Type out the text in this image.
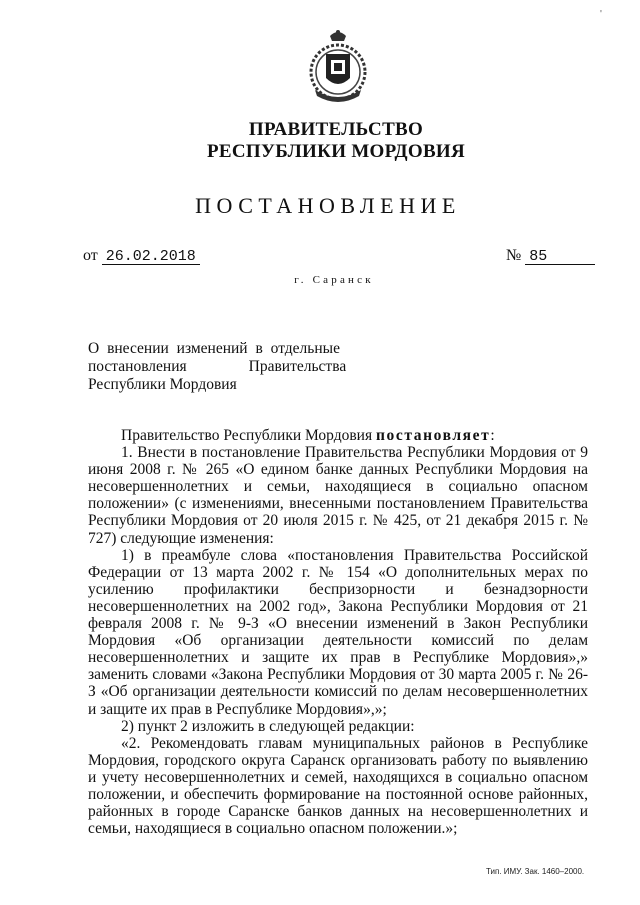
ПРАВИТЕЛЬСТВО
РЕСПУБЛИКИ МОРДОВИЯ
ПОСТАНОВЛЕНИЕ
от 26.02.2018	№ 85
г. Саранск
О внесении изменений в отдельные
постановления	Правительства
Республики Мордовия

Правительство Республики Мордовия постановляет:

1. Внести в постановление Правительства Республики Мордовия от 9 июня 2008 г. № 265 «О едином банке данных Республики Мордовия на несовершеннолетних и семьи, находящиеся в социально опасном положении» (с изменениями, внесенными постановлением Правительства Республики Мордовия от 20 июля 2015 г. № 425, от 21 декабря 2015 г. № 727) следующие изменения:

1) в преамбуле слова «постановления Правительства Российской Федерации от 13 марта 2002 г. № 154 «О дополнительных мерах по усилению профилактики беспризорности и безнадзорности несовершеннолетних на 2002 год», Закона Республики Мордовия от 21 февраля 2008 г. № 9-З «О внесении изменений в Закон Республики Мордовия «Об организации деятельности комиссий по делам несовершеннолетних и защите их прав в Республике Мордовия»,» заменить словами «Закона Республики Мордовия от 30 марта 2005 г. № 26-З «Об организации деятельности комиссий по делам несовершеннолетних и защите их прав в Республике Мордовия»,»;

2) пункт 2 изложить в следующей редакции:

«2. Рекомендовать главам муниципальных районов в Республике Мордовия, городского округа Саранск организовать работу по выявлению и учету несовершеннолетних и семей, находящихся в социально опасном положении, и обеспечить формирование на постоянной основе районных, районных в городе Саранске банков данных на несовершеннолетних и семьи, находящиеся в социально опасном положении.»;

Тип. ИМУ. Зак. 1460–2000.
'
